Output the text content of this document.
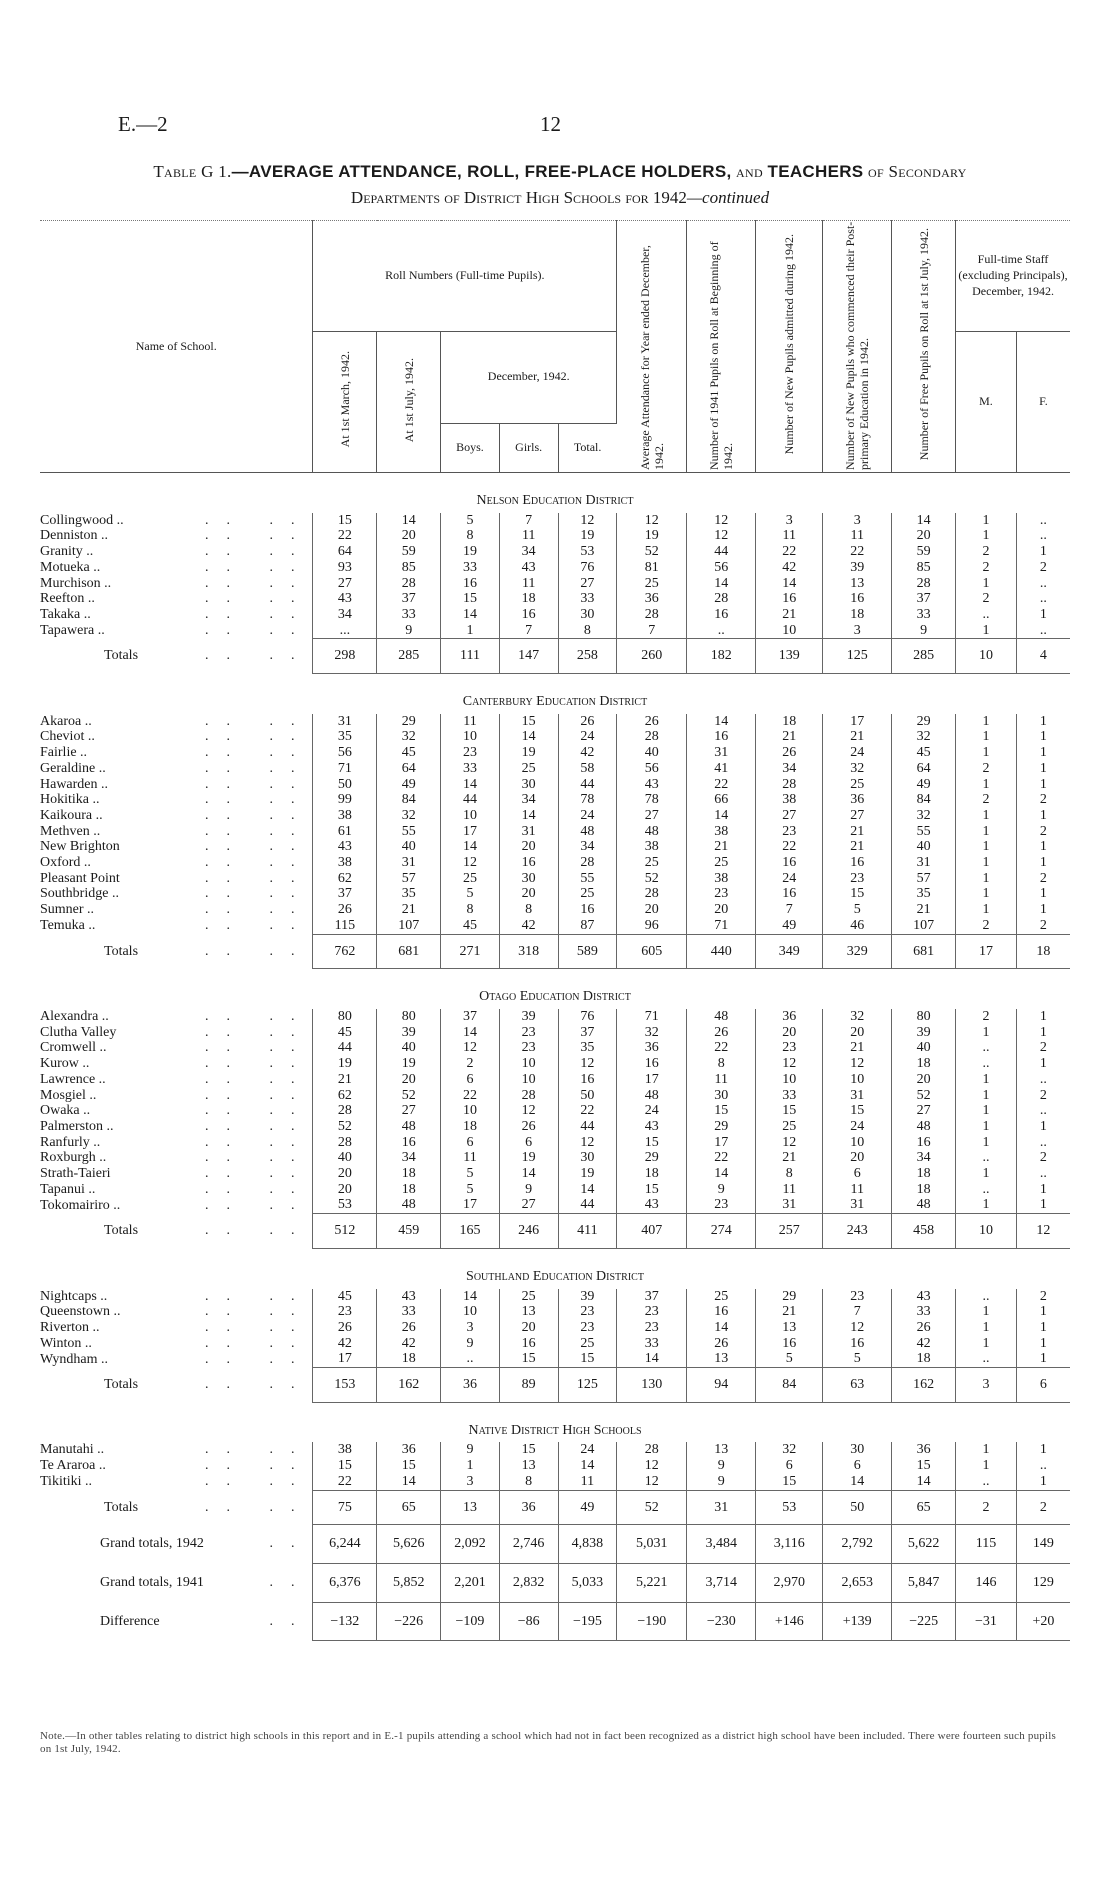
E.—2	12
Table G 1.—AVERAGE ATTENDANCE, ROLL, FREE-PLACE HOLDERS, and TEACHERS of Secondary
Departments of District High Schools for 1942—continued
Name of School.	Roll Numbers (Full-time Pupils).					Average Attendance for Year ended December, 1942.	Number of 1941 Pupils on Roll at Beginning of 1942.	Number of New Pupils admitted during 1942.	Number of New Pupils who commenced their Post-primary Education in 1942.	Number of Free Pupils on Roll at 1st July, 1942.	Full-time Staff (excluding Principals), December, 1942.	
	At 1st March, 1942.	At 1st July, 1942.	December, 1942.								M.	F.
			Boys.	Girls.	Total.							
Nelson Education District												
Collingwood .. .. ..	15	14	5	7	12	12	12	3	3	14	1	..
Denniston .. .. ..	22	20	8	11	19	19	12	11	11	20	1	..
Granity .. .. ..	64	59	19	34	53	52	44	22	22	59	2	1
Motueka .. .. ..	93	85	33	43	76	81	56	42	39	85	2	2
Murchison .. .. ..	27	28	16	11	27	25	14	14	13	28	1	..
Reefton .. .. ..	43	37	15	18	33	36	28	16	16	37	2	..
Takaka .. .. ..	34	33	14	16	30	28	16	21	18	33	..	1
Tapawera .. .. ..	...	9	1	7	8	7	..	10	3	9	1	..
Totals .. ..	298	285	111	147	258	260	182	139	125	285	10	4
Canterbury Education District												
Akaroa .. .. ..	31	29	11	15	26	26	14	18	17	29	1	1
Cheviot .. .. ..	35	32	10	14	24	28	16	21	21	32	1	1
Fairlie .. .. ..	56	45	23	19	42	40	31	26	24	45	1	1
Geraldine .. .. ..	71	64	33	25	58	56	41	34	32	64	2	1
Hawarden .. .. ..	50	49	14	30	44	43	22	28	25	49	1	1
Hokitika .. .. ..	99	84	44	34	78	78	66	38	36	84	2	2
Kaikoura .. .. ..	38	32	10	14	24	27	14	27	27	32	1	1
Methven .. .. ..	61	55	17	31	48	48	38	23	21	55	1	2
New Brighton .. ..	43	40	14	20	34	38	21	22	21	40	1	1
Oxford .. .. ..	38	31	12	16	28	25	25	16	16	31	1	1
Pleasant Point .. ..	62	57	25	30	55	52	38	24	23	57	1	2
Southbridge .. .. ..	37	35	5	20	25	28	23	16	15	35	1	1
Sumner .. .. ..	26	21	8	8	16	20	20	7	5	21	1	1
Temuka .. .. ..	115	107	45	42	87	96	71	49	46	107	2	2
Totals .. ..	762	681	271	318	589	605	440	349	329	681	17	18
Otago Education District												
Alexandra .. .. ..	80	80	37	39	76	71	48	36	32	80	2	1
Clutha Valley .. ..	45	39	14	23	37	32	26	20	20	39	1	1
Cromwell .. .. ..	44	40	12	23	35	36	22	23	21	40	..	2
Kurow .. .. ..	19	19	2	10	12	16	8	12	12	18	..	1
Lawrence .. .. ..	21	20	6	10	16	17	11	10	10	20	1	..
Mosgiel .. .. ..	62	52	22	28	50	48	30	33	31	52	1	2
Owaka .. .. ..	28	27	10	12	22	24	15	15	15	27	1	..
Palmerston .. .. ..	52	48	18	26	44	43	29	25	24	48	1	1
Ranfurly .. .. ..	28	16	6	6	12	15	17	12	10	16	1	..
Roxburgh .. .. ..	40	34	11	19	30	29	22	21	20	34	..	2
Strath-Taieri .. ..	20	18	5	14	19	18	14	8	6	18	1	..
Tapanui .. .. ..	20	18	5	9	14	15	9	11	11	18	..	1
Tokomairiro .. .. ..	53	48	17	27	44	43	23	31	31	48	1	1
Totals .. ..	512	459	165	246	411	407	274	257	243	458	10	12
Southland Education District												
Nightcaps .. .. ..	45	43	14	25	39	37	25	29	23	43	..	2
Queenstown .. .. ..	23	33	10	13	23	23	16	21	7	33	1	1
Riverton .. .. ..	26	26	3	20	23	23	14	13	12	26	1	1
Winton .. .. ..	42	42	9	16	25	33	26	16	16	42	1	1
Wyndham .. .. ..	17	18	..	15	15	14	13	5	5	18	..	1
Totals .. ..	153	162	36	89	125	130	94	84	63	162	3	6
Native District High Schools												
Manutahi .. .. ..	38	36	9	15	24	28	13	32	30	36	1	1
Te Araroa .. .. ..	15	15	1	13	14	12	9	6	6	15	1	..
Tikitiki .. .. ..	22	14	3	8	11	12	9	15	14	14	..	1
Totals .. ..	75	65	13	36	49	52	31	53	50	65	2	2
Grand totals, 1942 ..	6,244	5,626	2,092	2,746	4,838	5,031	3,484	3,116	2,792	5,622	115	149
Grand totals, 1941 ..	6,376	5,852	2,201	2,832	5,033	5,221	3,714	2,970	2,653	5,847	146	129
Difference ..	−132	−226	−109	−86	−195	−190	−230	+146	+139	−225	−31	+20
Note.—In other tables relating to district high schools in this report and in E.-1 pupils attending a school which had not in fact been recognized as a district high school have been included. There were fourteen such pupils on 1st July, 1942.
